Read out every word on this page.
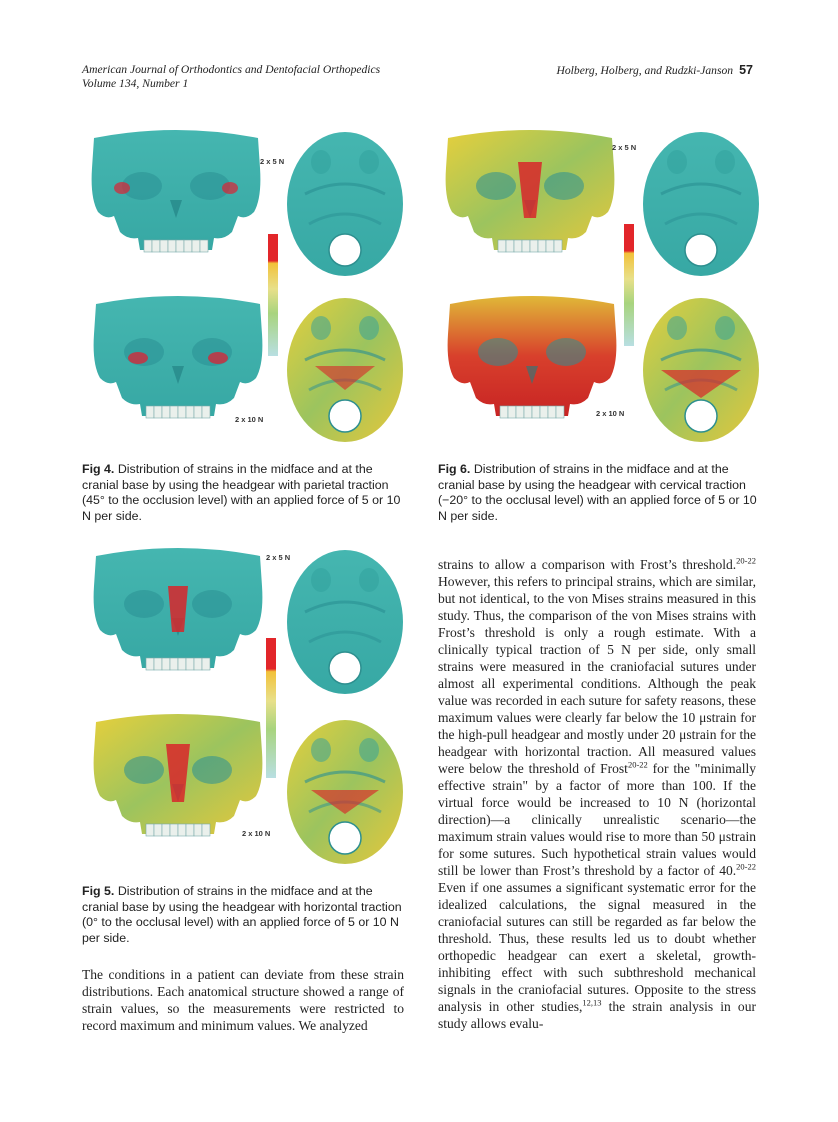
American Journal of Orthodontics and Dentofacial Orthopedics
Volume 134, Number 1
Holberg, Holberg, and Rudzki-Janson 57
2 x 5 N
2 x 10 N
Fig 4. Distribution of strains in the midface and at the cranial base by using the headgear with parietal traction (45° to the occlusion level) with an applied force of 5 or 10 N per side.
2 x 5 N
2 x 10 N
Fig 6. Distribution of strains in the midface and at the cranial base by using the headgear with cervical traction (−20° to the occlusal level) with an applied force of 5 or 10 N per side.
2 x 5 N
2 x 10 N
Fig 5. Distribution of strains in the midface and at the cranial base by using the headgear with horizontal traction (0° to the occlusal level) with an applied force of 5 or 10 N per side.

The conditions in a patient can deviate from these strain distributions. Each anatomical structure showed a range of strain values, so the measurements were restricted to record maximum and minimum values. We analyzed

strains to allow a comparison with Frost’s threshold.$^{20-22}$ However, this refers to principal strains, which are similar, but not identical, to the von Mises strains measured in this study. Thus, the comparison of the von Mises strains with Frost’s threshold is only a rough estimate. With a clinically typical traction of 5 N per side, only small strains were measured in the craniofacial sutures under almost all experimental conditions. Although the peak value was recorded in each suture for safety reasons, these maximum values were clearly far below the 10 μstrain for the high-pull headgear and mostly under 20 μstrain for the headgear with horizontal traction. All measured values were below the threshold of Frost$^{20-22}$ for the "minimally effective strain" by a factor of more than 100. If the virtual force would be increased to 10 N (horizontal direction)—a clinically unrealistic scenario—the maximum strain values would rise to more than 50 μstrain for some sutures. Such hypothetical strain values would still be lower than Frost’s threshold by a factor of 40.$^{20-22}$ Even if one assumes a significant systematic error for the idealized calculations, the signal measured in the craniofacial sutures can still be regarded as far below the threshold. Thus, these results led us to doubt whether orthopedic headgear can exert a skeletal, growth-inhibiting effect with such subthreshold mechanical signals in the craniofacial sutures. Opposite to the stress analysis in other studies,$^{12,13}$ the strain analysis in our study allows evalu-
